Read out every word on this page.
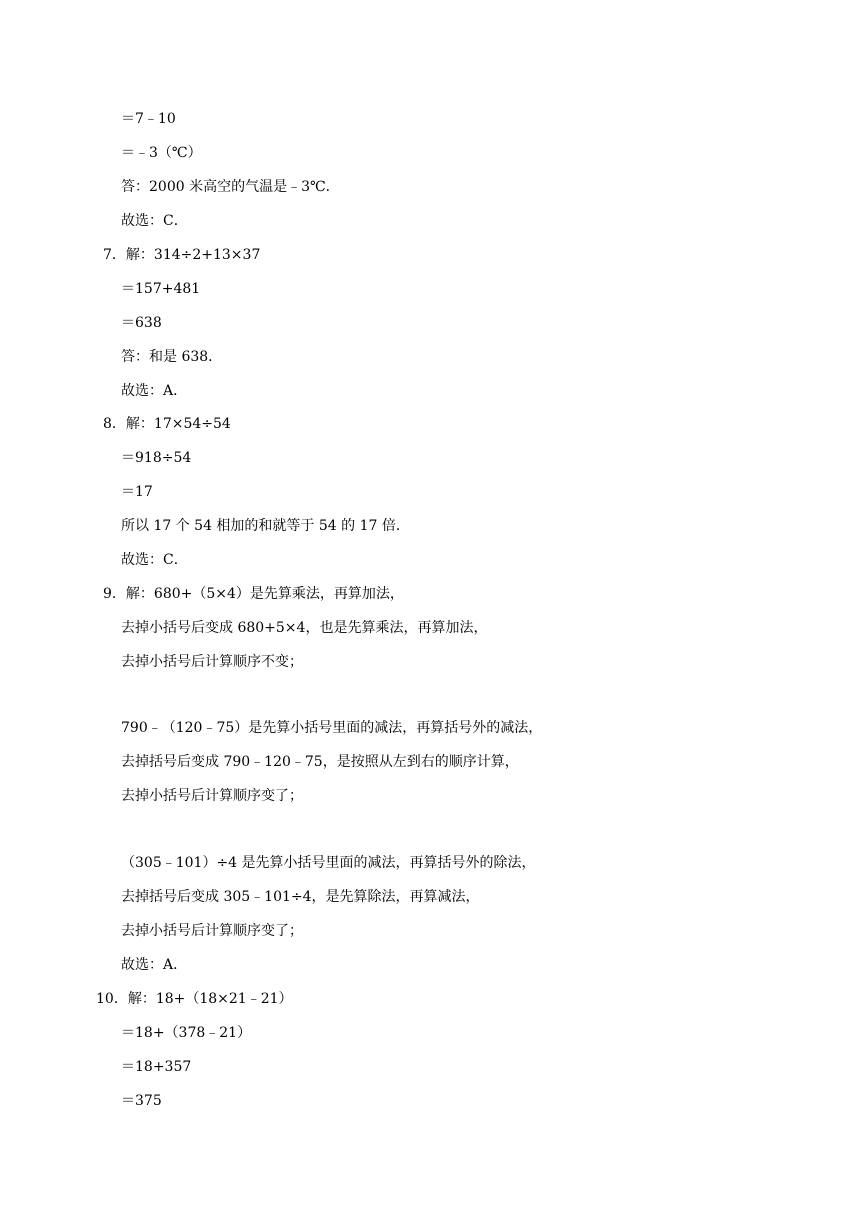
＝7﹣10
＝﹣3（℃）
答：2000 米高空的气温是﹣3℃．
故选：C．
7．解：314÷2+13×37
＝157+481
＝638
答：和是 638．
故选：A．
8．解：17×54÷54
＝918÷54
＝17
所以 17 个 54 相加的和就等于 54 的 17 倍．
故选：C．
9．解：680+（5×4）是先算乘法，再算加法，
去掉小括号后变成 680+5×4，也是先算乘法，再算加法，
去掉小括号后计算顺序不变；
790﹣（120﹣75）是先算小括号里面的减法，再算括号外的减法，
去掉括号后变成 790﹣120﹣75，是按照从左到右的顺序计算，
去掉小括号后计算顺序变了；
（305﹣101）÷4 是先算小括号里面的减法，再算括号外的除法，
去掉括号后变成 305﹣101÷4，是先算除法，再算减法，
去掉小括号后计算顺序变了；
故选：A．
10．解：18+（18×21﹣21）
＝18+（378﹣21）
＝18+357
＝375
